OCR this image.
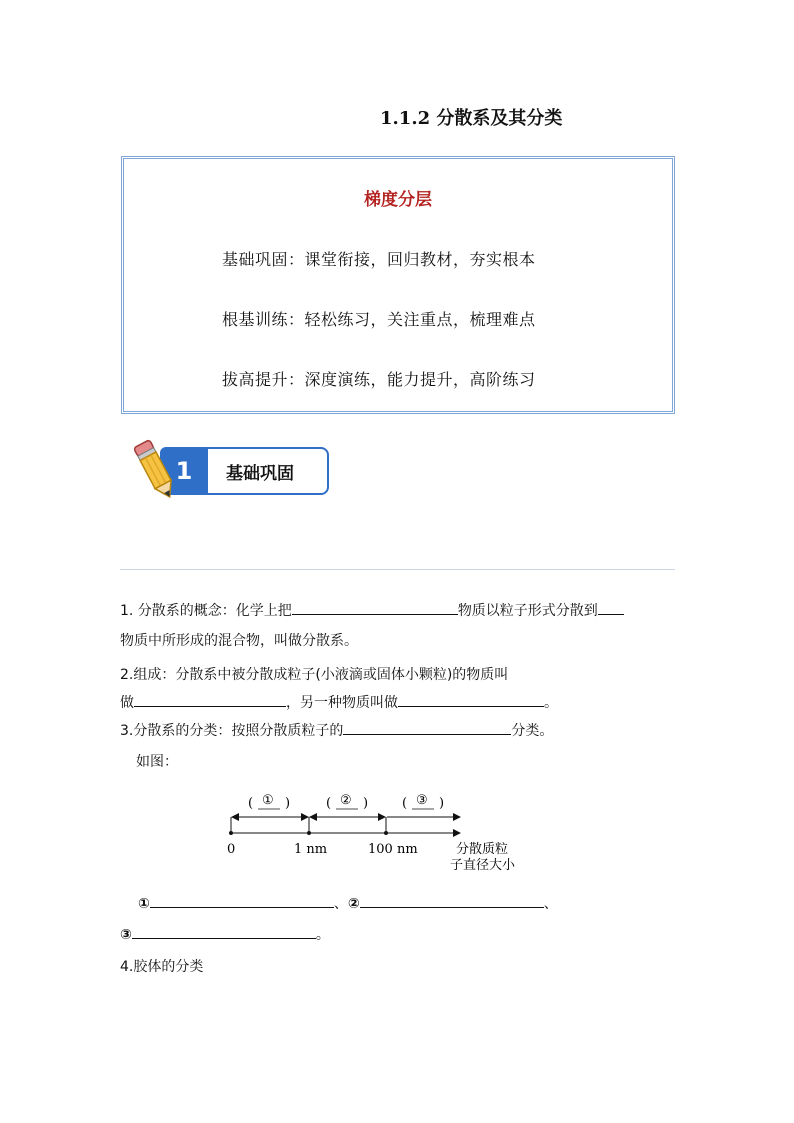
1.1.2 分散系及其分类
梯度分层
基础巩固：课堂衔接，回归教材，夯实根本
根基训练：轻松练习，关注重点，梳理难点
拔高提升：深度演练，能力提升，高阶练习
1	基础巩固
1. 分散系的概念：化学上把	物质以粒子形式分散到
物质中所形成的混合物，叫做分散系。
2.组成：分散系中被分散成粒子(小液滴或固体小颗粒)的物质叫
做	，另一种物质叫做	。
3.分散系的分类：按照分散质粒子的	分类。
如图：
( )
①	( )
②	( )
③
0	1 nm	100 nm	分散质粒
子直径大小
①	、②	、
③	。
4.胶体的分类
